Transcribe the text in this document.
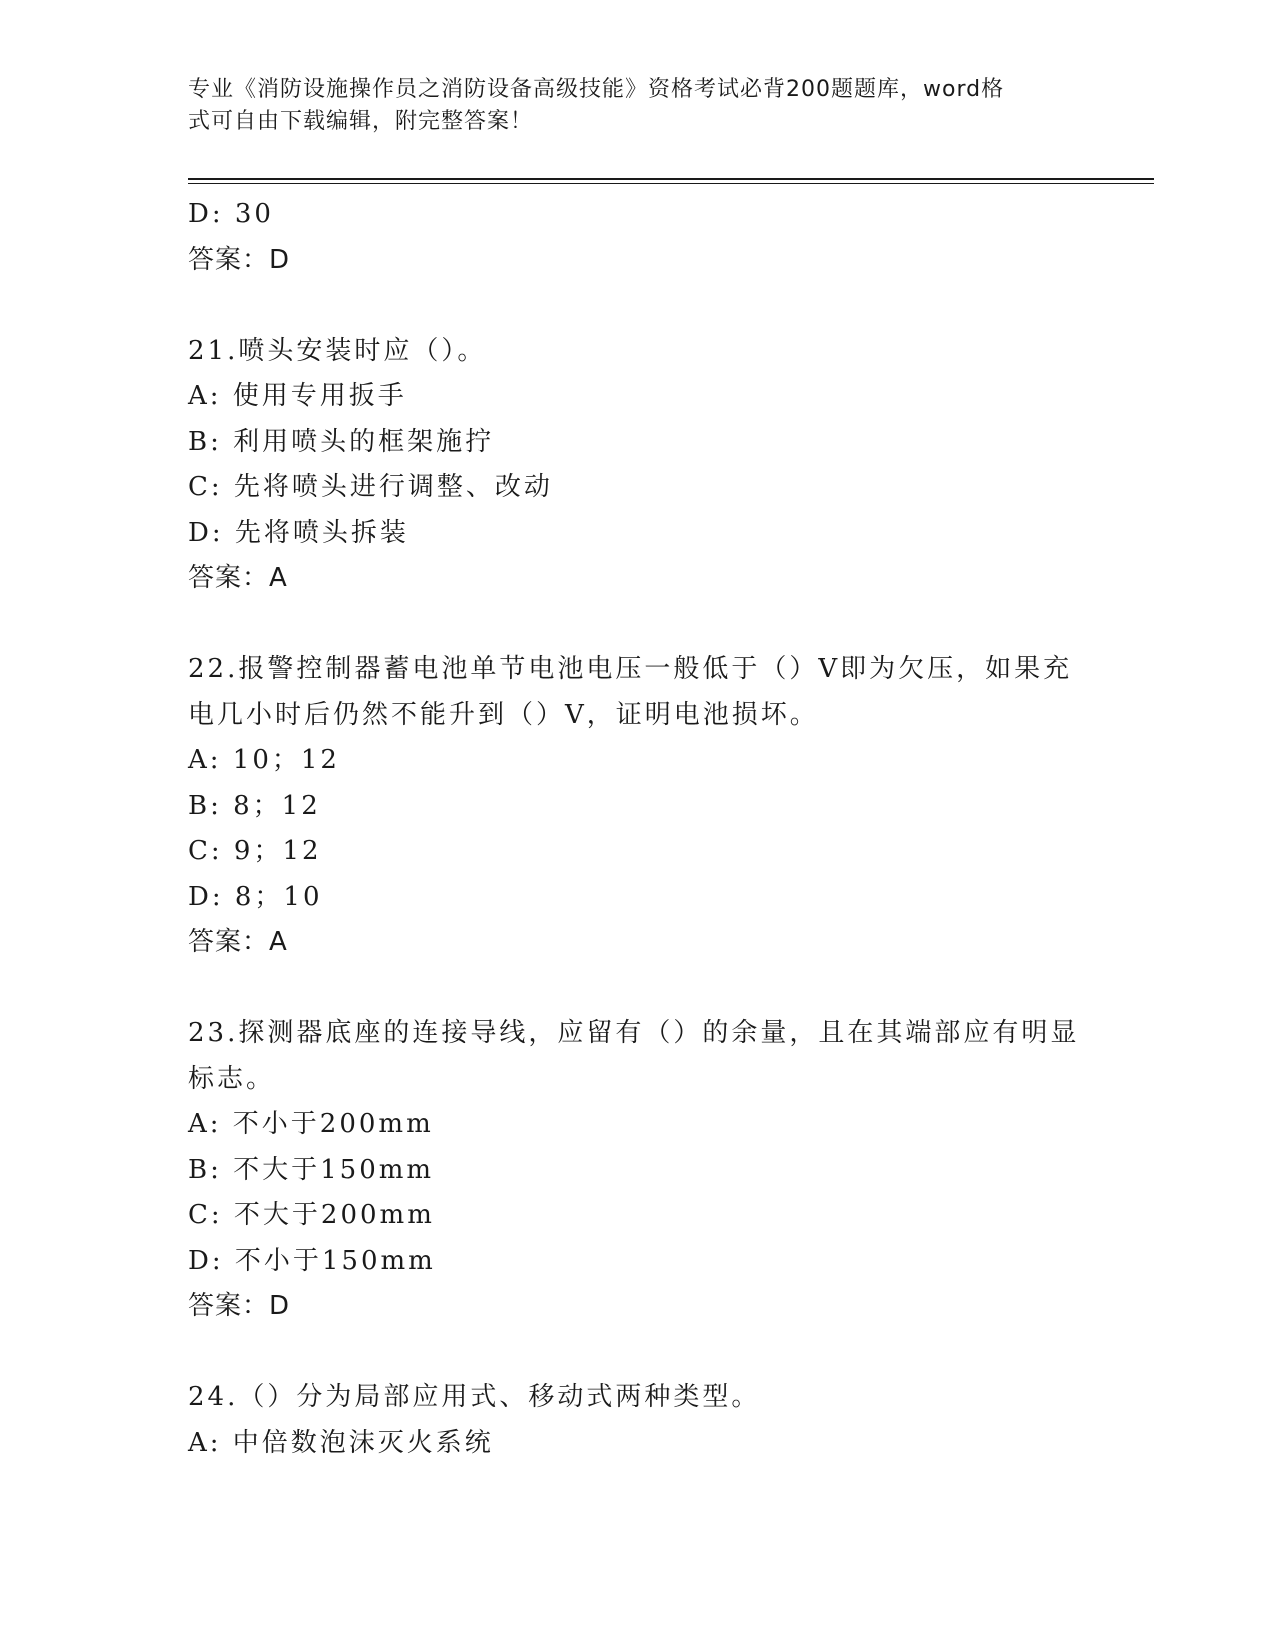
专业《消防设施操作员之消防设备高级技能》资格考试必背200题题库，word格
式可自由下载编辑，附完整答案！
D: 30
答案：D
21.喷头安装时应（）。
A: 使用专用扳手
B: 利用喷头的框架施拧
C: 先将喷头进行调整、改动
D: 先将喷头拆装
答案：A
22.报警控制器蓄电池单节电池电压一般低于（）V即为欠压，如果充
电几小时后仍然不能升到（）V，证明电池损坏。
A: 10；12
B: 8；12
C: 9；12
D: 8；10
答案：A
23.探测器底座的连接导线，应留有（）的余量，且在其端部应有明显
标志。
A: 不小于200mm
B: 不大于150mm
C: 不大于200mm
D: 不小于150mm
答案：D
24.（）分为局部应用式、移动式两种类型。
A: 中倍数泡沫灭火系统
